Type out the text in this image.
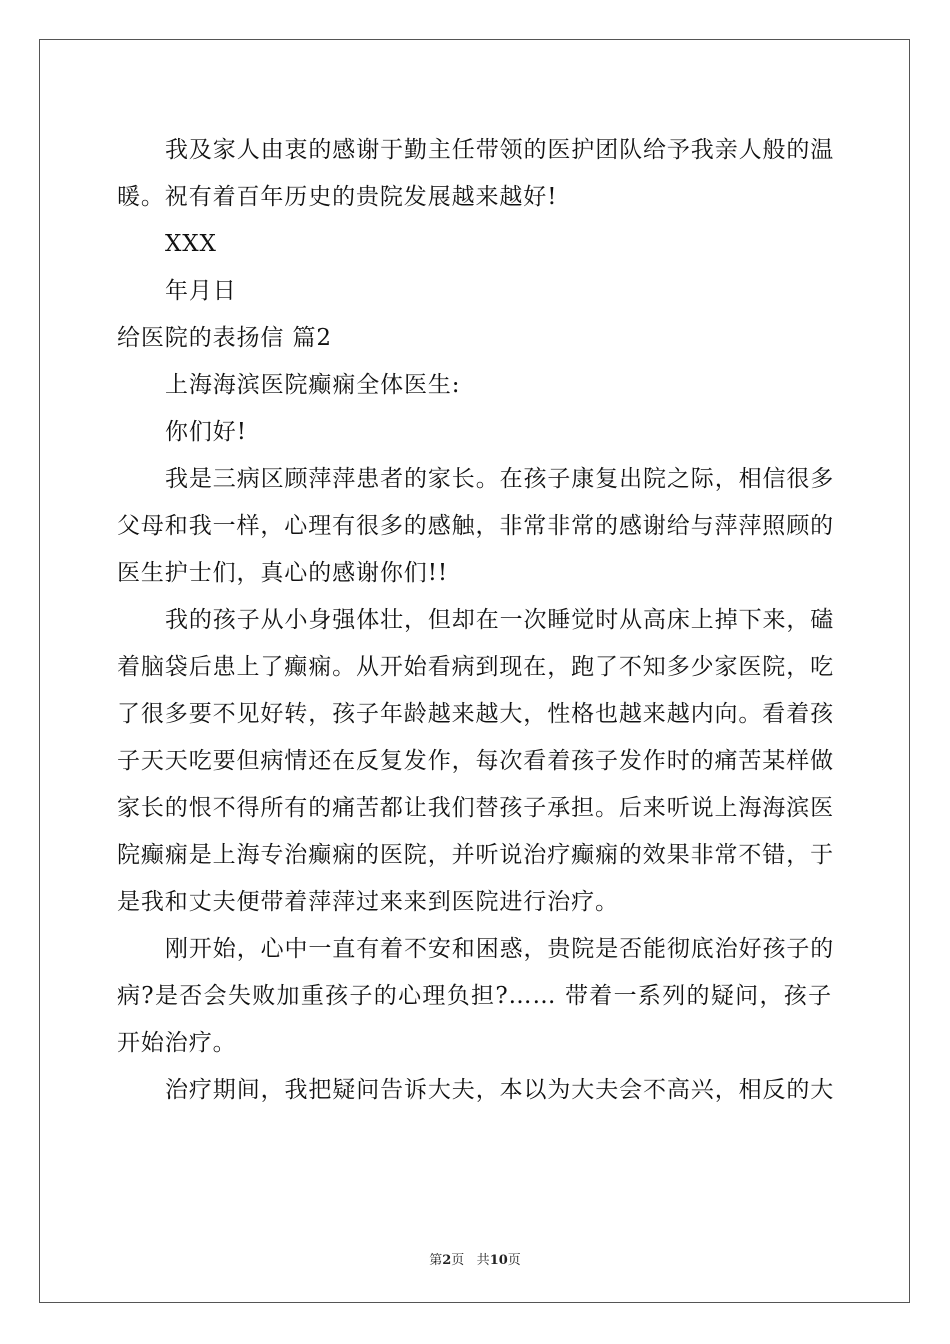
我及家人由衷的感谢于勤主任带领的医护团队给予我亲人般的温
暖。祝有着百年历史的贵院发展越来越好!
XXX
年月日
给医院的表扬信 篇2
上海海滨医院癫痫全体医生:
你们好!
我是三病区顾萍萍患者的家长。在孩子康复出院之际，相信很多
父母和我一样，心理有很多的感触，非常非常的感谢给与萍萍照顾的
医生护士们，真心的感谢你们!!
我的孩子从小身强体壮，但却在一次睡觉时从高床上掉下来，磕
着脑袋后患上了癫痫。从开始看病到现在，跑了不知多少家医院，吃
了很多要不见好转，孩子年龄越来越大，性格也越来越内向。看着孩
子天天吃要但病情还在反复发作，每次看着孩子发作时的痛苦某样做
家长的恨不得所有的痛苦都让我们替孩子承担。后来听说上海海滨医
院癫痫是上海专治癫痫的医院，并听说治疗癫痫的效果非常不错，于
是我和丈夫便带着萍萍过来来到医院进行治疗。
刚开始，心中一直有着不安和困惑，贵院是否能彻底治好孩子的
病?是否会失败加重孩子的心理负担?…… 带着一系列的疑问，孩子
开始治疗。
治疗期间，我把疑问告诉大夫，本以为大夫会不高兴，相反的大
第2页 共10页
